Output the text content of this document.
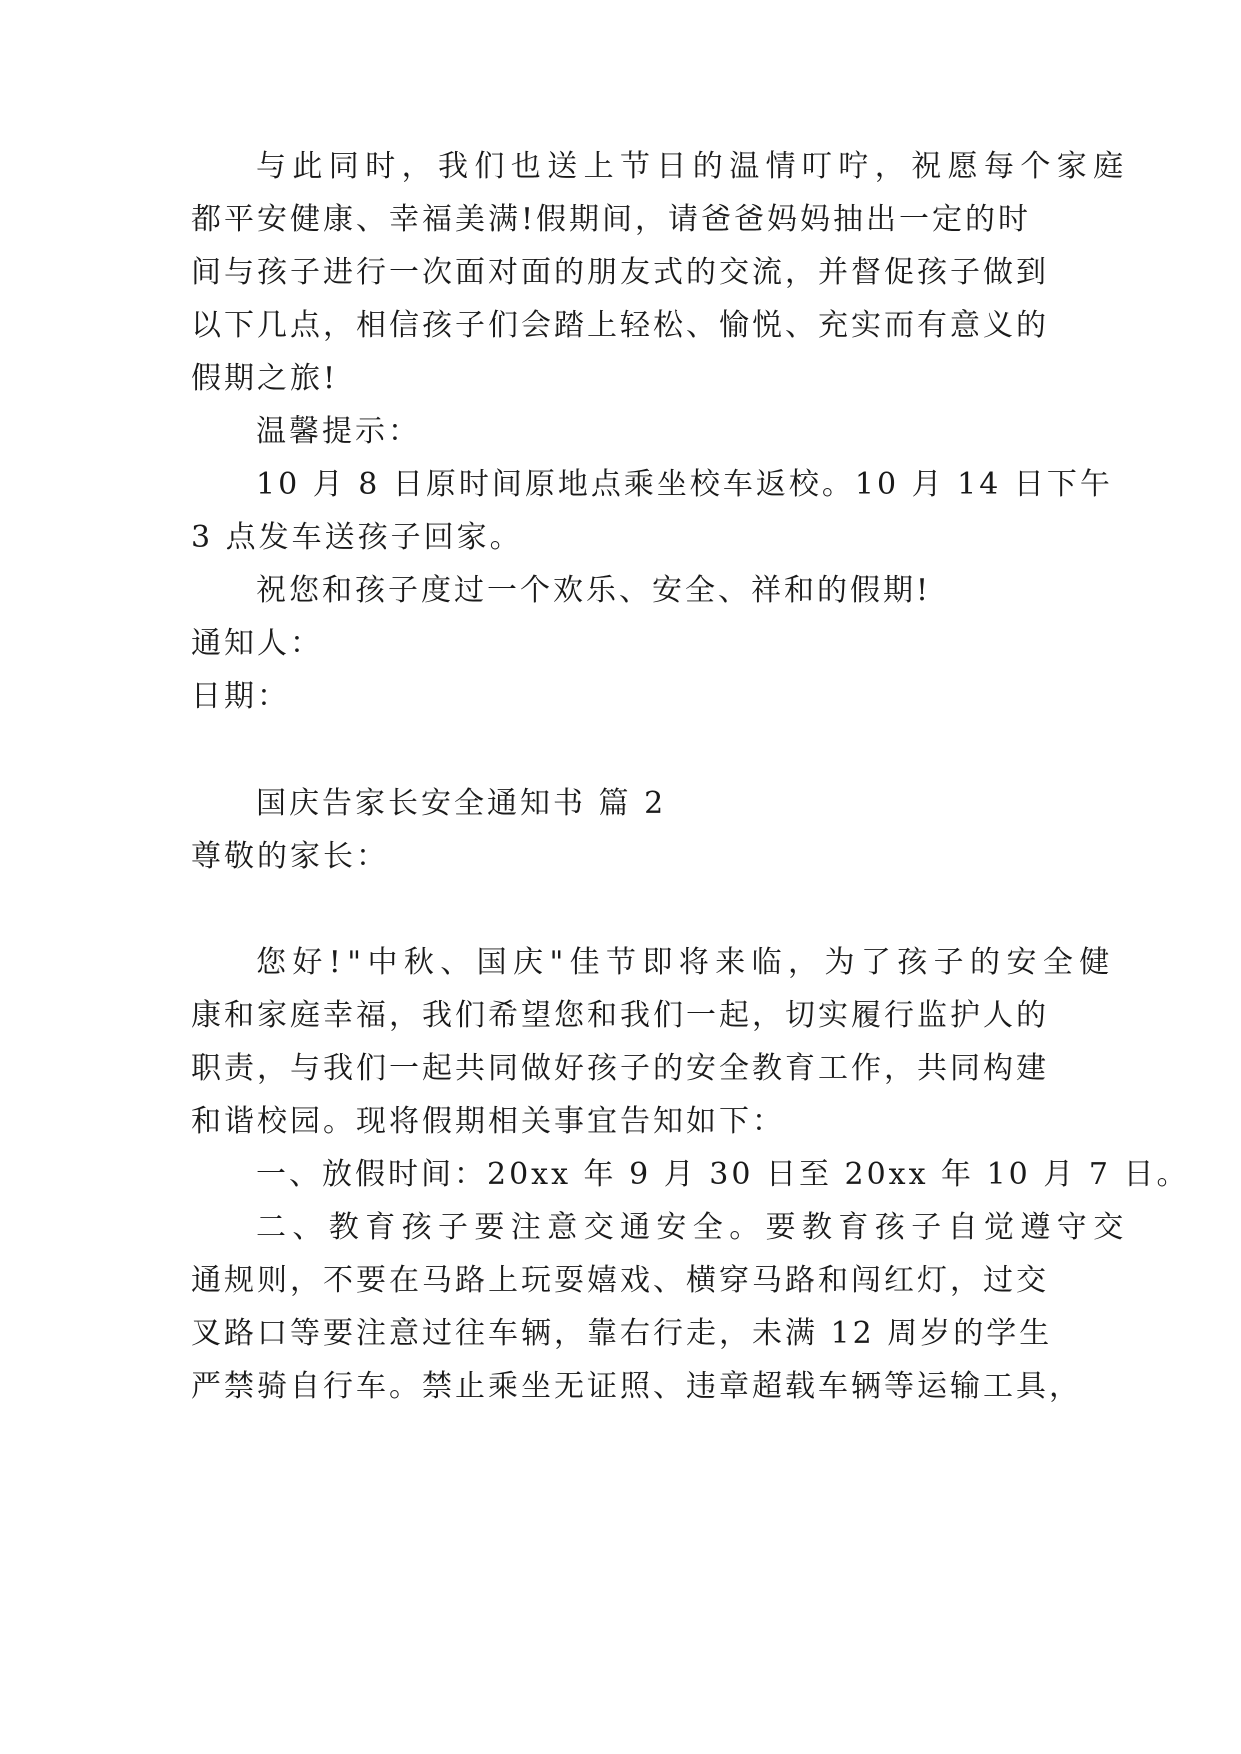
与此同时，我们也送上节日的温情叮咛，祝愿每个家庭
都平安健康、幸福美满!假期间，请爸爸妈妈抽出一定的时
间与孩子进行一次面对面的朋友式的交流，并督促孩子做到
以下几点，相信孩子们会踏上轻松、愉悦、充实而有意义的
假期之旅!
温馨提示：
10 月 8 日原时间原地点乘坐校车返校。10 月 14 日下午
3 点发车送孩子回家。
祝您和孩子度过一个欢乐、安全、祥和的假期!
通知人：
日期：
国庆告家长安全通知书 篇 2
尊敬的家长：
您好!"中秋、国庆"佳节即将来临，为了孩子的安全健
康和家庭幸福，我们希望您和我们一起，切实履行监护人的
职责，与我们一起共同做好孩子的安全教育工作，共同构建
和谐校园。现将假期相关事宜告知如下：
一、放假时间：20xx 年 9 月 30 日至 20xx 年 10 月 7 日。
二、教育孩子要注意交通安全。要教育孩子自觉遵守交
通规则，不要在马路上玩耍嬉戏、横穿马路和闯红灯，过交
叉路口等要注意过往车辆，靠右行走，未满 12 周岁的学生
严禁骑自行车。禁止乘坐无证照、违章超载车辆等运输工具，
